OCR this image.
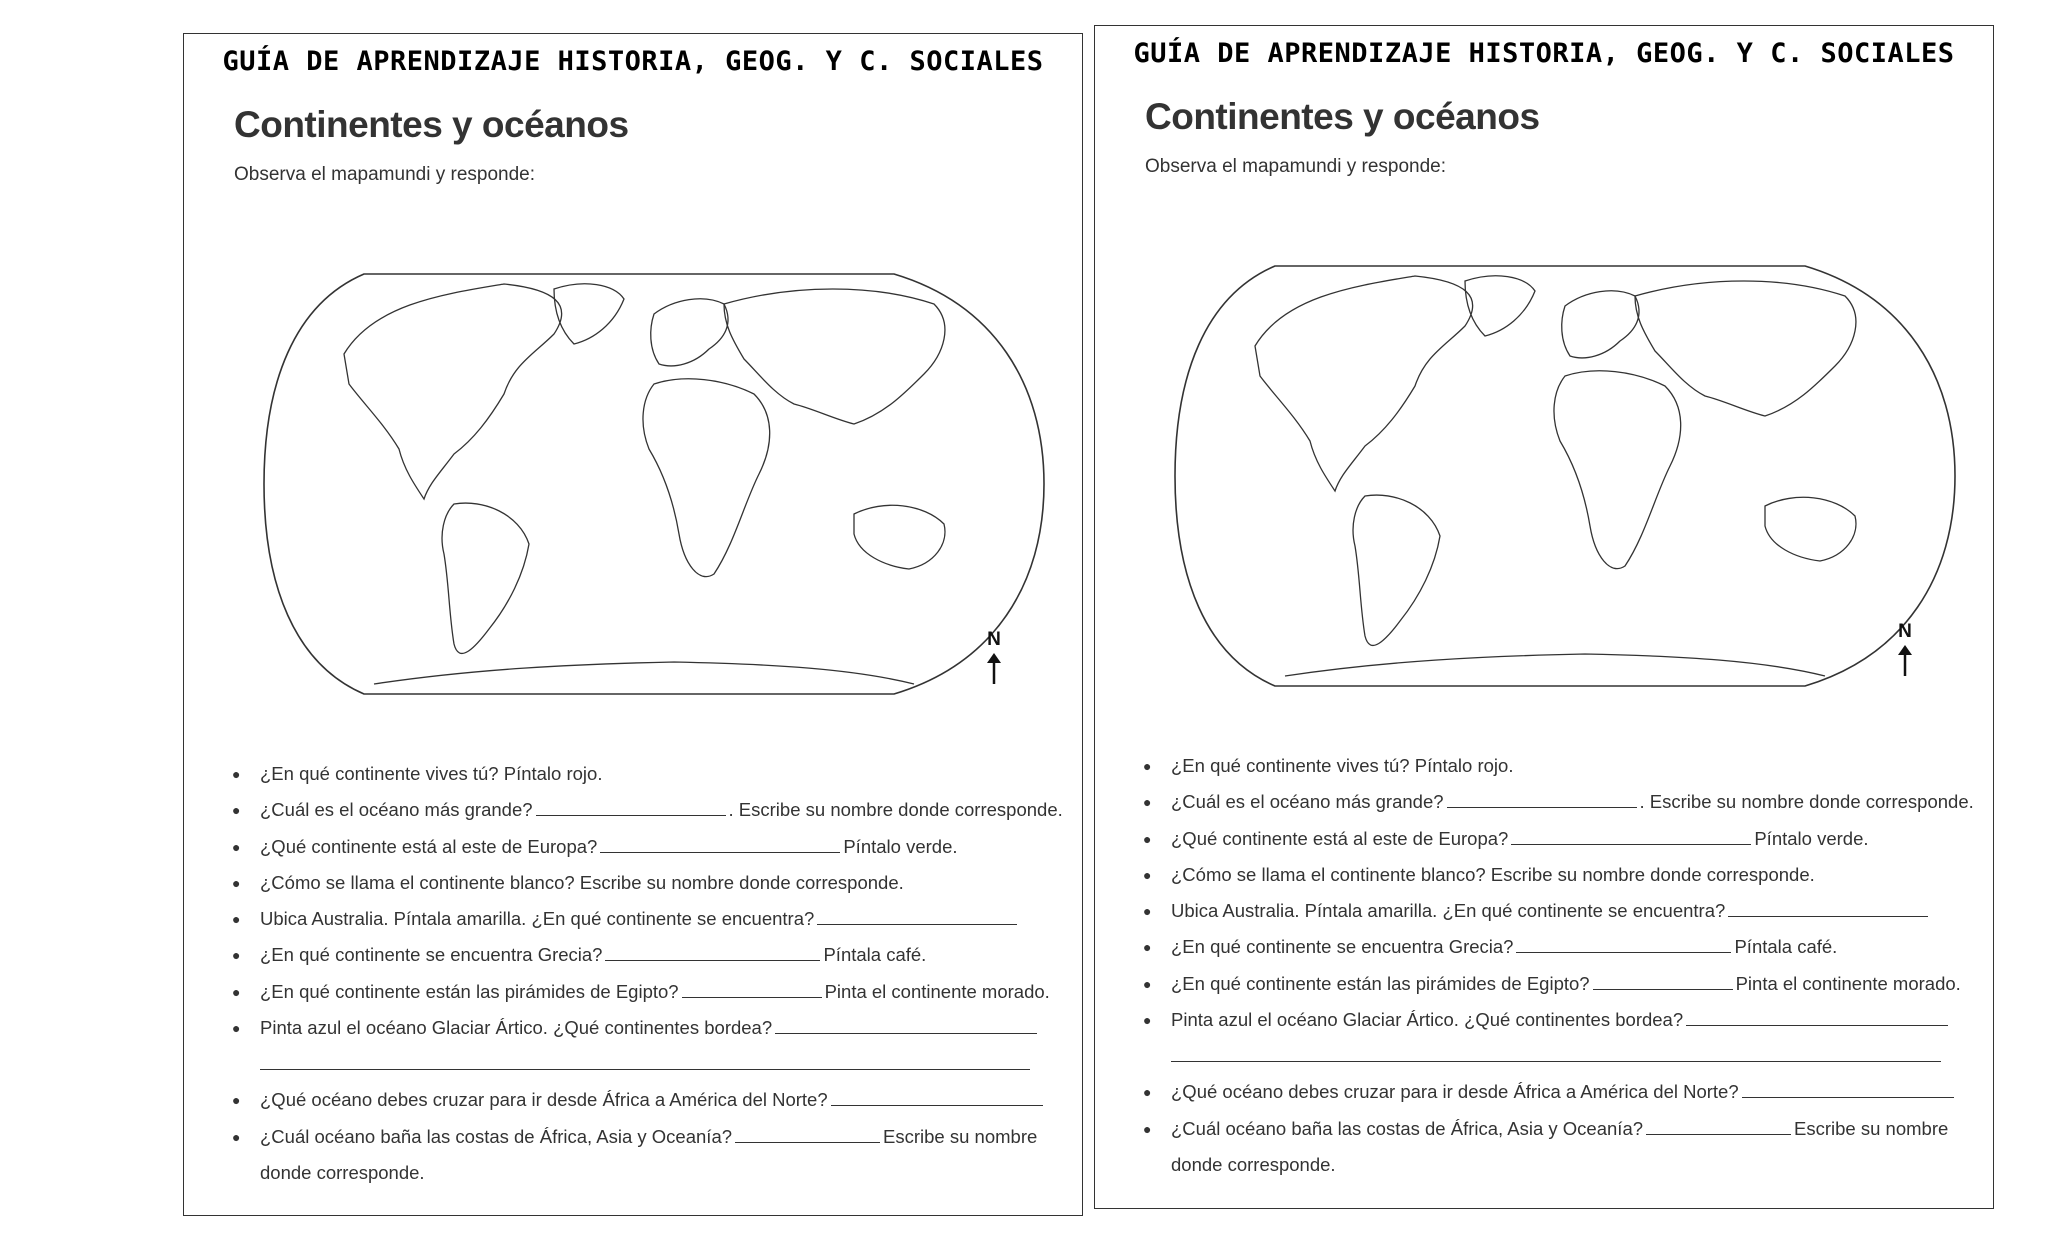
GUÍA DE APRENDIZAJE HISTORIA, GEOG. Y C. SOCIALES
Continentes y océanos
Observa el mapamundi y responde:
N
● ¿En qué continente vives tú? Píntalo rojo.
● ¿Cuál es el océano más grande?	. Escribe su nombre donde corresponde.
● ¿Qué continente está al este de Europa?	Píntalo verde.
● ¿Cómo se llama el continente blanco? Escribe su nombre donde corresponde.
● Ubica Australia. Píntala amarilla. ¿En qué continente se encuentra?
● ¿En qué continente se encuentra Grecia?	Píntala café.
● ¿En qué continente están las pirámides de Egipto?	Pinta el continente morado.
● Pinta azul el océano Glaciar Ártico. ¿Qué continentes bordea?
● ¿Qué océano debes cruzar para ir desde África a América del Norte?
● ¿Cuál océano baña las costas de África, Asia y Oceanía?	Escribe su nombre
donde corresponde.
GUÍA DE APRENDIZAJE HISTORIA, GEOG. Y C. SOCIALES
Continentes y océanos
Observa el mapamundi y responde:
N
● ¿En qué continente vives tú? Píntalo rojo.
● ¿Cuál es el océano más grande?	. Escribe su nombre donde corresponde.
● ¿Qué continente está al este de Europa?	Píntalo verde.
● ¿Cómo se llama el continente blanco? Escribe su nombre donde corresponde.
● Ubica Australia. Píntala amarilla. ¿En qué continente se encuentra?
● ¿En qué continente se encuentra Grecia?	Píntala café.
● ¿En qué continente están las pirámides de Egipto?	Pinta el continente morado.
● Pinta azul el océano Glaciar Ártico. ¿Qué continentes bordea?
● ¿Qué océano debes cruzar para ir desde África a América del Norte?
● ¿Cuál océano baña las costas de África, Asia y Oceanía?	Escribe su nombre
donde corresponde.
